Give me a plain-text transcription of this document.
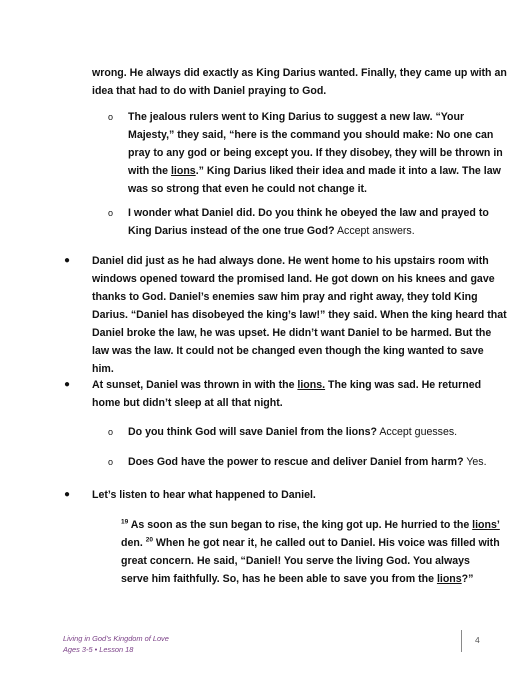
wrong. He always did exactly as King Darius wanted. Finally, they came up with an
idea that had to do with Daniel praying to God.
o The jealous rulers went to King Darius to suggest a new law. “Your
Majesty,” they said, “here is the command you should make: No one can
pray to any god or being except you. If they disobey, they will be thrown in
with the lions.” King Darius liked their idea and made it into a law. The law
was so strong that even he could not change it.
o I wonder what Daniel did. Do you think he obeyed the law and prayed to
King Darius instead of the one true God? Accept answers.
● Daniel did just as he had always done. He went home to his upstairs room with
windows opened toward the promised land. He got down on his knees and gave
thanks to God. Daniel’s enemies saw him pray and right away, they told King
Darius. “Daniel has disobeyed the king’s law!” they said. When the king heard that
Daniel broke the law, he was upset. He didn’t want Daniel to be harmed. But the
law was the law. It could not be changed even though the king wanted to save
him.
● At sunset, Daniel was thrown in with the lions. The king was sad. He returned
home but didn’t sleep at all that night.
o Do you think God will save Daniel from the lions? Accept guesses.
o Does God have the power to rescue and deliver Daniel from harm? Yes.
● Let’s listen to hear what happened to Daniel.
$^{19}$ As soon as the sun began to rise, the king got up. He hurried to the lions’
den. $^{20}$ When he got near it, he called out to Daniel. His voice was filled with
great concern. He said, “Daniel! You serve the living God. You always
serve him faithfully. So, has he been able to save you from the lions?”
Living in God’s Kingdom of Love
Ages 3-5 • Lesson 18
4
